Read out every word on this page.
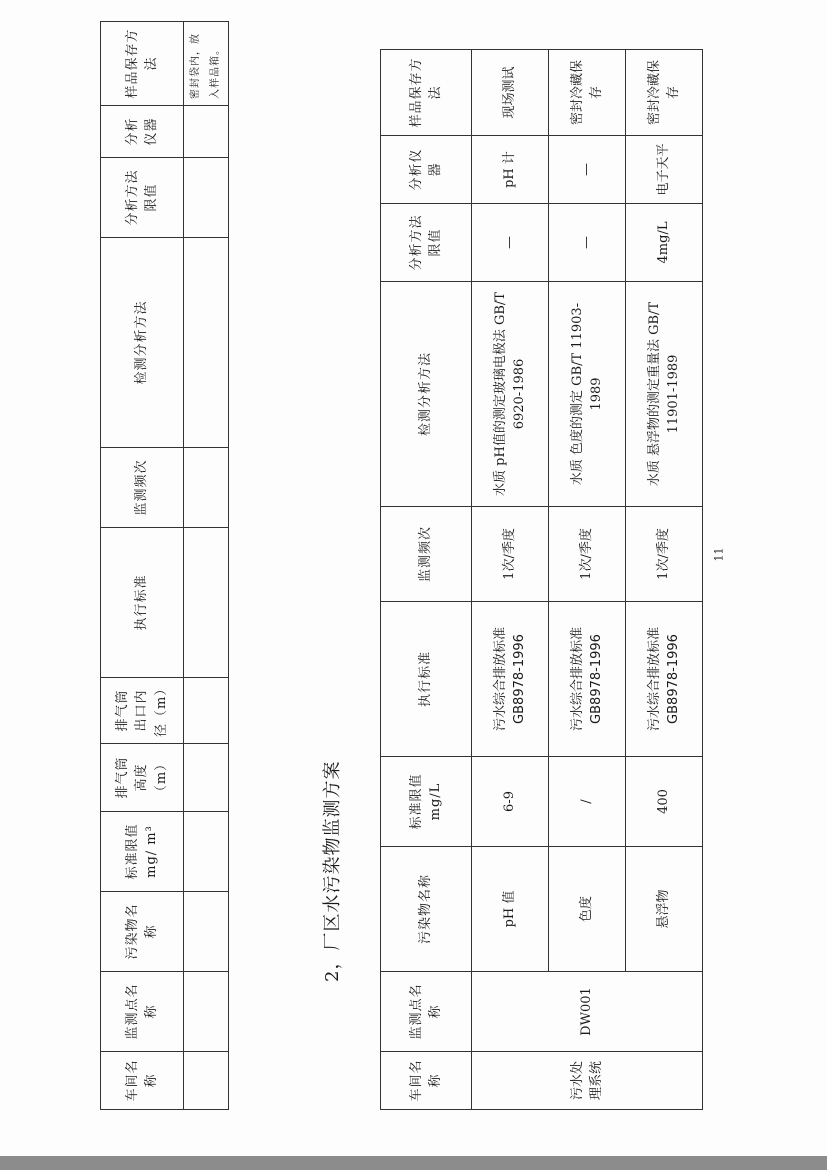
车间名称	监测点名称	污染物名称	标准限值 mg/ m³	排气筒高度（m）	排气筒出口内径（m）	执行标准	监测频次	检测分析方法	分析方法限值	分析仪器	样品保存方法
											密封袋内，放入样品箱。
2，厂区水污染物监测方案
车间名称	监测点名称	污染物名称	标准限值 mg/L	执行标准	监测频次	检测分析方法	分析方法限值	分析仪器	样品保存方法
污水处理系统	DW001	pH 值	6-9	污水综合排放标准GB8978-1996	1次/季度	水质 pH值的测定玻璃电极法 GB/T 6920-1986	—	pH 计	现场测试
		色度	/	污水综合排放标准GB8978-1996	1次/季度	水质 色度的测定 GB/T 11903-1989	—	—	密封冷藏保存
		悬浮物	400	污水综合排放标准GB8978-1996	1次/季度	水质 悬浮物的测定重量法 GB/T 11901-1989	4mg/L	电子天平	密封冷藏保存
11
